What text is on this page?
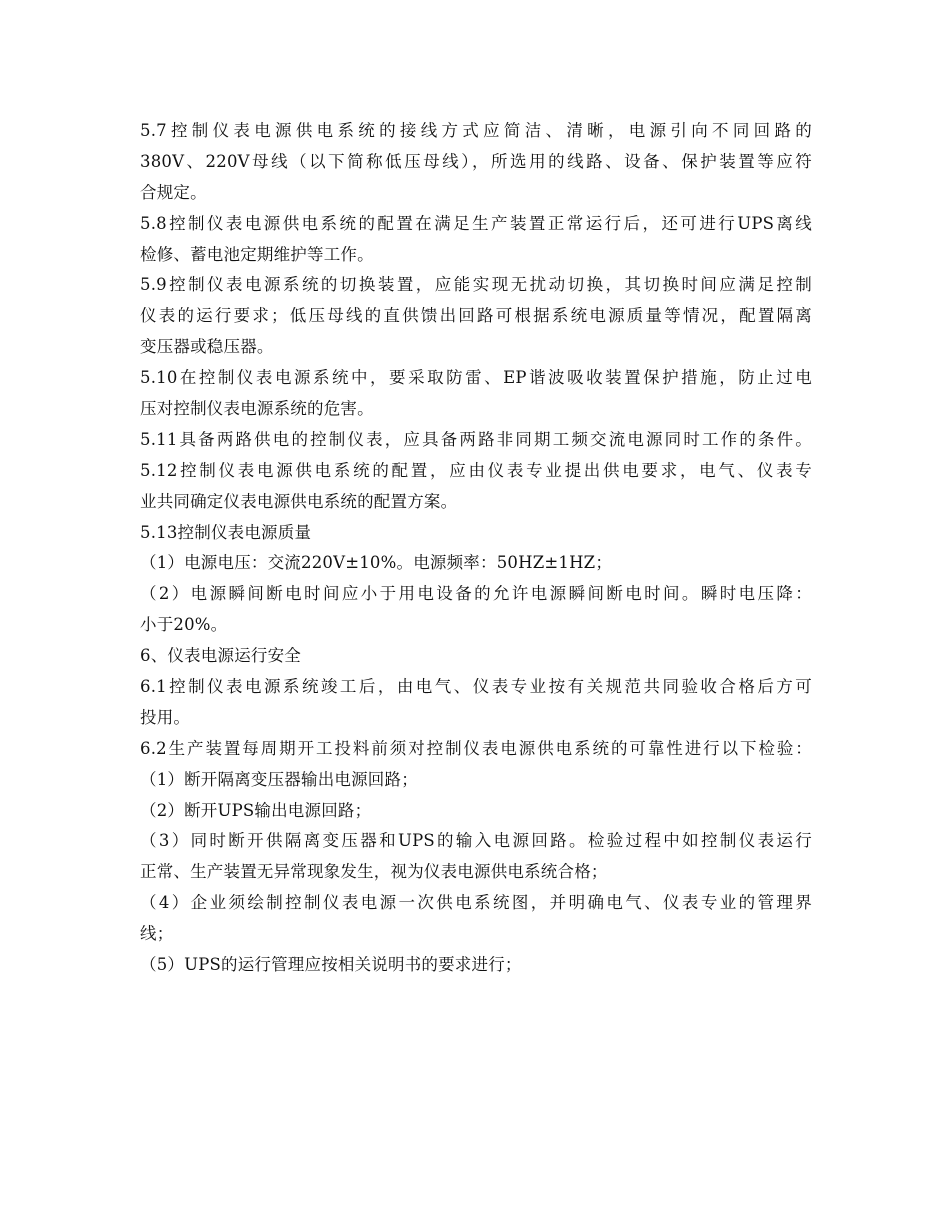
5.7控制仪表电源供电系统的接线方式应简洁、清晰，电源引向不同回路的
380V、220V母线（以下简称低压母线），所选用的线路、设备、保护装置等应符
合规定。
5.8控制仪表电源供电系统的配置在满足生产装置正常运行后，还可进行UPS离线
检修、蓄电池定期维护等工作。
5.9控制仪表电源系统的切换装置，应能实现无扰动切换，其切换时间应满足控制
仪表的运行要求；低压母线的直供馈出回路可根据系统电源质量等情况，配置隔离
变压器或稳压器。
5.10在控制仪表电源系统中，要采取防雷、EP谐波吸收装置保护措施，防止过电
压对控制仪表电源系统的危害。
5.11具备两路供电的控制仪表，应具备两路非同期工频交流电源同时工作的条件。
5.12控制仪表电源供电系统的配置，应由仪表专业提出供电要求，电气、仪表专
业共同确定仪表电源供电系统的配置方案。
5.13控制仪表电源质量
（1）电源电压：交流220V±10%。电源频率：50HZ±1HZ；
（2）电源瞬间断电时间应小于用电设备的允许电源瞬间断电时间。瞬时电压降：
小于20%。
6、仪表电源运行安全
6.1控制仪表电源系统竣工后，由电气、仪表专业按有关规范共同验收合格后方可
投用。
6.2生产装置每周期开工投料前须对控制仪表电源供电系统的可靠性进行以下检验：
（1）断开隔离变压器输出电源回路；
（2）断开UPS输出电源回路；
（3）同时断开供隔离变压器和UPS的输入电源回路。检验过程中如控制仪表运行
正常、生产装置无异常现象发生，视为仪表电源供电系统合格；
（4）企业须绘制控制仪表电源一次供电系统图，并明确电气、仪表专业的管理界
线；
（5）UPS的运行管理应按相关说明书的要求进行；
